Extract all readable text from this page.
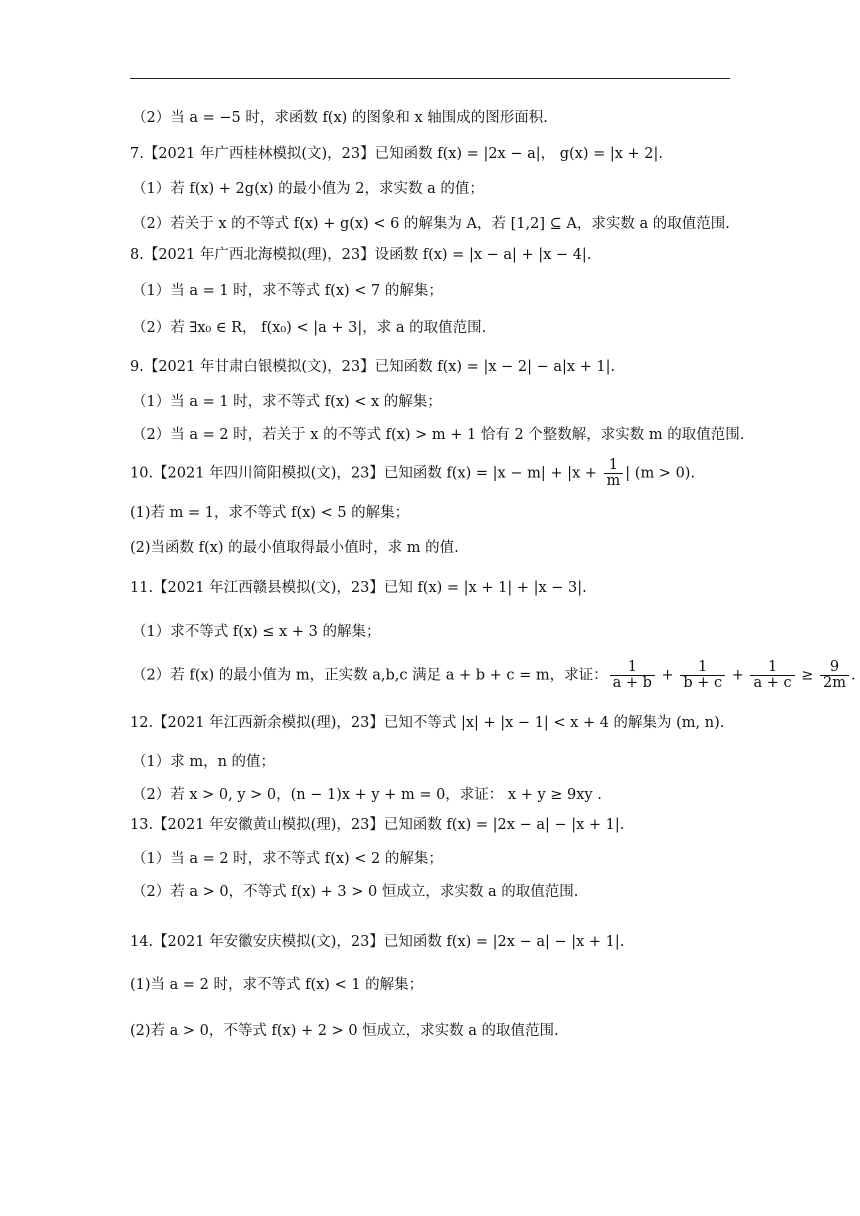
（2）当 a = −5 时，求函数 f(x) 的图象和 x 轴围成的图形面积.
7.【2021 年广西桂林模拟(文)，23】已知函数 f(x) = |2x − a|， g(x) = |x + 2|.
（1）若 f(x) + 2g(x) 的最小值为 2，求实数 a 的值；
（2）若关于 x 的不等式 f(x) + g(x) < 6 的解集为 A，若 [1,2] ⊆ A，求实数 a 的取值范围.
8.【2021 年广西北海模拟(理)，23】设函数 f(x) = |x − a| + |x − 4|.
（1）当 a = 1 时，求不等式 f(x) < 7 的解集；
（2）若 ∃x₀ ∈ R， f(x₀) < |a + 3|，求 a 的取值范围.
9.【2021 年甘肃白银模拟(文)，23】已知函数 f(x) = |x − 2| − a|x + 1|.
（1）当 a = 1 时，求不等式 f(x) < x 的解集；
（2）当 a = 2 时，若关于 x 的不等式 f(x) > m + 1 恰有 2 个整数解，求实数 m 的取值范围.
10.【2021 年四川简阳模拟(文)，23】已知函数 $f(x) = |x - m| + |x + \frac{1}{m}$ | (m > 0).
(1)若 m = 1，求不等式 f(x) < 5 的解集；
(2)当函数 f(x) 的最小值取得最小值时，求 m 的值.
11.【2021 年江西赣县模拟(文)，23】已知 f(x) = |x + 1| + |x − 3|.
（1）求不等式 f(x) ≤ x + 3 的解集；
（2）若 f(x) 的最小值为 m，正实数 a,b,c 满足 a + b + c = m，求证： $\frac{1}{a + b} + \frac{1}{b + c} + \frac{1}{a + c} \ge \frac{9}{2m}$ .
12.【2021 年江西新余模拟(理)，23】已知不等式 |x| + |x − 1| < x + 4 的解集为 (m, n).
（1）求 m，n 的值；
（2）若 x > 0, y > 0，(n − 1)x + y + m = 0，求证： x + y ≥ 9xy .
13.【2021 年安徽黄山模拟(理)，23】已知函数 f(x) = |2x − a| − |x + 1|.
（1）当 a = 2 时，求不等式 f(x) < 2 的解集；
（2）若 a > 0，不等式 f(x) + 3 > 0 恒成立，求实数 a 的取值范围.
14.【2021 年安徽安庆模拟(文)，23】已知函数 f(x) = |2x − a| − |x + 1|.
(1)当 a = 2 时，求不等式 f(x) < 1 的解集；
(2)若 a > 0，不等式 f(x) + 2 > 0 恒成立，求实数 a 的取值范围.
